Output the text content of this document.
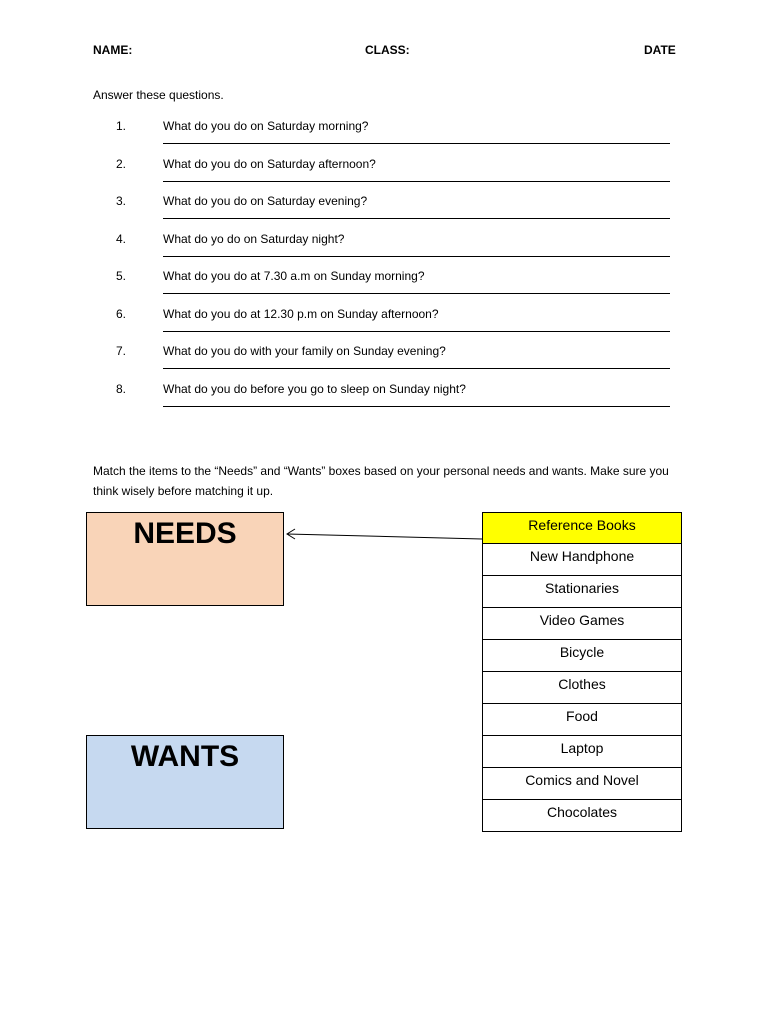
NAME:	CLASS:	DATE
Answer these questions.
1.	What do you do on Saturday morning?
2.	What do you do on Saturday afternoon?
3.	What do you do on Saturday evening?
4.	What do yo do on Saturday night?
5.	What do you do at 7.30 a.m on Sunday morning?
6.	What do you do at 12.30 p.m on Sunday afternoon?
7.	What do you do with your family on Sunday evening?
8.	What do you do before you go to sleep on Sunday night?
Match the items to the “Needs” and “Wants” boxes based on your personal needs and wants. Make sure you think wisely before matching it up.
NEEDS
WANTS
Reference Books
New Handphone
Stationaries
Video Games
Bicycle
Clothes
Food
Laptop
Comics and Novel
Chocolates
